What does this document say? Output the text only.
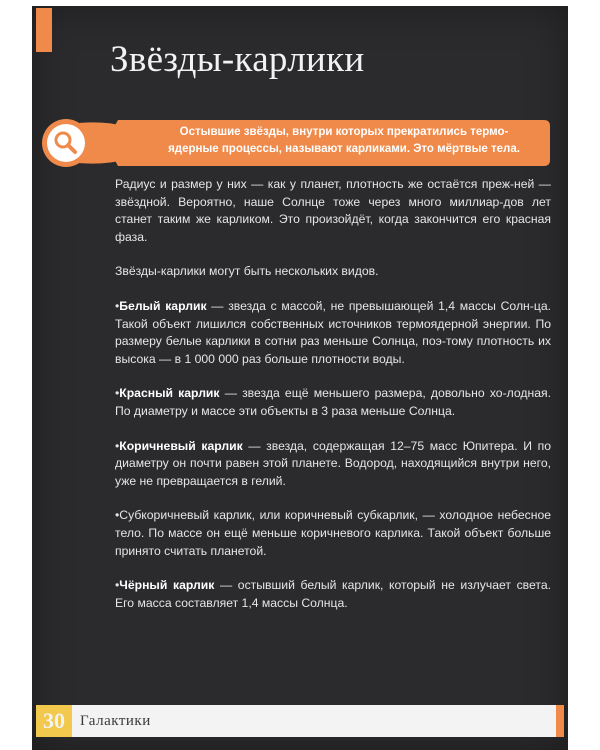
Звёзды-карлики
Остывшие звёзды, внутри которых прекратились термо-
ядерные процессы, называют карликами. Это мёртвые тела.

Радиус и размер у них — как у планет, плотность же остаётся преж-ней — звёздной. Вероятно, наше Солнце тоже через много миллиар-дов лет станет таким же карликом. Это произойдёт, когда закончится его красная фаза.

Звёзды-карлики могут быть нескольких видов.

•Белый карлик — звезда с массой, не превышающей 1,4 массы Солн-ца. Такой объект лишился собственных источников термоядерной энергии. По размеру белые карлики в сотни раз меньше Солнца, поэ-тому плотность их высока — в 1 000 000 раз больше плотности воды.

•Красный карлик — звезда ещё меньшего размера, довольно хо-лодная. По диаметру и массе эти объекты в 3 раза меньше Солнца.

•Коричневый карлик — звезда, содержащая 12–75 масс Юпитера. И по диаметру он почти равен этой планете. Водород, находящийся внутри него, уже не превращается в гелий.

•Субкоричневый карлик, или коричневый субкарлик, — холодное небесное тело. По массе он ещё меньше коричневого карлика. Такой объект больше принято считать планетой.

•Чёрный карлик — остывший белый карлик, который не излучает света. Его масса составляет 1,4 массы Солнца.

30	Галактики
